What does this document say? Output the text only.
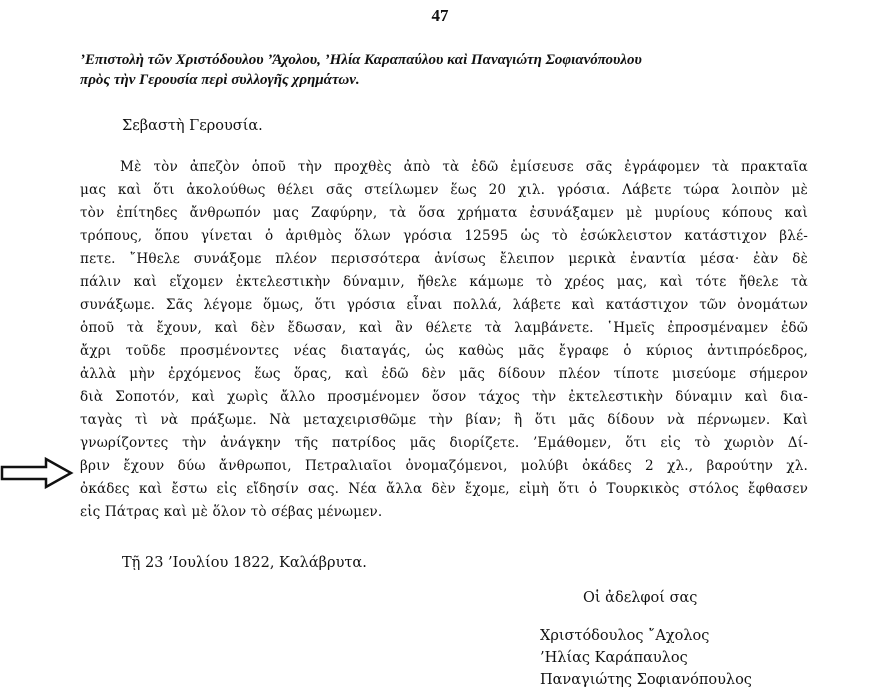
47
’Επιστολὴ τῶν Χριστόδουλου ’Άχολου, ’Ηλία Καραπαύλου καὶ Παναγιώτη Σοφιανόπουλου
πρὸς τὴν Γερουσία περὶ συλλογῆς χρημάτων.
Σεβαστὴ Γερουσία.
Μὲ τὸν ἀπεζὸν ὁποῦ τὴν προχθὲς ἀπὸ τὰ ἐδῶ ἐμίσευσε σᾶς ἐγράφομεν τὰ πρακταῖα
μας καὶ ὅτι ἀκολούθως θέλει σᾶς στείλωμεν ἕως 20 χιλ. γρόσια. Λάβετε τώρα λοιπὸν μὲ
τὸν ἐπίτηδες ἄνθρωπόν μας Ζαφύρην, τὰ ὅσα χρήματα ἐσυνάξαμεν μὲ μυρίους κόπους καὶ
τρόπους, ὅπου γίνεται ὁ ἀριθμὸς ὅλων γρόσια 12595 ὡς τὸ ἐσώκλειστον κατάστιχον βλέ-
πετε. ῎Ηθελε συνάξομε πλέον περισσότερα ἀνίσως ἔλειπον μερικὰ ἐναντία μέσα· ἐὰν δὲ
πάλιν καὶ εἴχομεν ἐκτελεστικὴν δύναμιν, ἤθελε κάμωμε τὸ χρέος μας, καὶ τότε ἤθελε τὰ
συνάξωμε. Σᾶς λέγομε ὅμως, ὅτι γρόσια εἶναι πολλά, λάβετε καὶ κατάστιχον τῶν ὀνομάτων
ὁποῦ τὰ ἔχουν, καὶ δὲν ἔδωσαν, καὶ ἂν θέλετε τὰ λαμβάνετε. ῾Ημεῖς ἐπροσμέναμεν ἐδῶ
ἄχρι τοῦδε προσμένοντες νέας διαταγάς, ὡς καθὼς μᾶς ἔγραφε ὁ κύριος ἀντιπρόεδρος,
ἀλλὰ μὴν ἐρχόμενος ἕως ὅρας, καὶ ἐδῶ δὲν μᾶς δίδουν πλέον τίποτε μισεύομε σήμερον
διὰ Σοποτόν, καὶ χωρὶς ἄλλο προσμένομεν ὅσον τάχος τὴν ἐκτελεστικὴν δύναμιν καὶ δια-
ταγὰς τὶ νὰ πράξωμε. Νὰ μεταχειρισθῶμε τὴν βίαν; ἢ ὅτι μᾶς δίδουν νὰ πέρνωμεν. Καὶ
γνωρίζοντες τὴν ἀνάγκην τῆς πατρίδος μᾶς διορίζετε. ’Εμάθομεν, ὅτι εἰς τὸ χωριὸν Δί-
βριν ἔχουν δύω ἄνθρωποι, Πετραλιαῖοι ὀνομαζόμενοι, μολύβι ὀκάδες 2 χλ., βαρούτην χλ.
ὀκάδες καὶ ἔστω εἰς εἴδησίν σας. Νέα ἄλλα δὲν ἔχομε, εἰμὴ ὅτι ὁ Τουρκικὸς στόλος ἔφθασεν
εἰς Πάτρας καὶ μὲ ὅλον τὸ σέβας μένωμεν.
Τῇ 23 ’Ιουλίου 1822, Καλάβρυτα.
Οἱ ἀδελφοί σας
Χριστόδουλος ῎Αχολος
’Ηλίας Καράπαυλος
Παναγιώτης Σοφιανόπουλος
